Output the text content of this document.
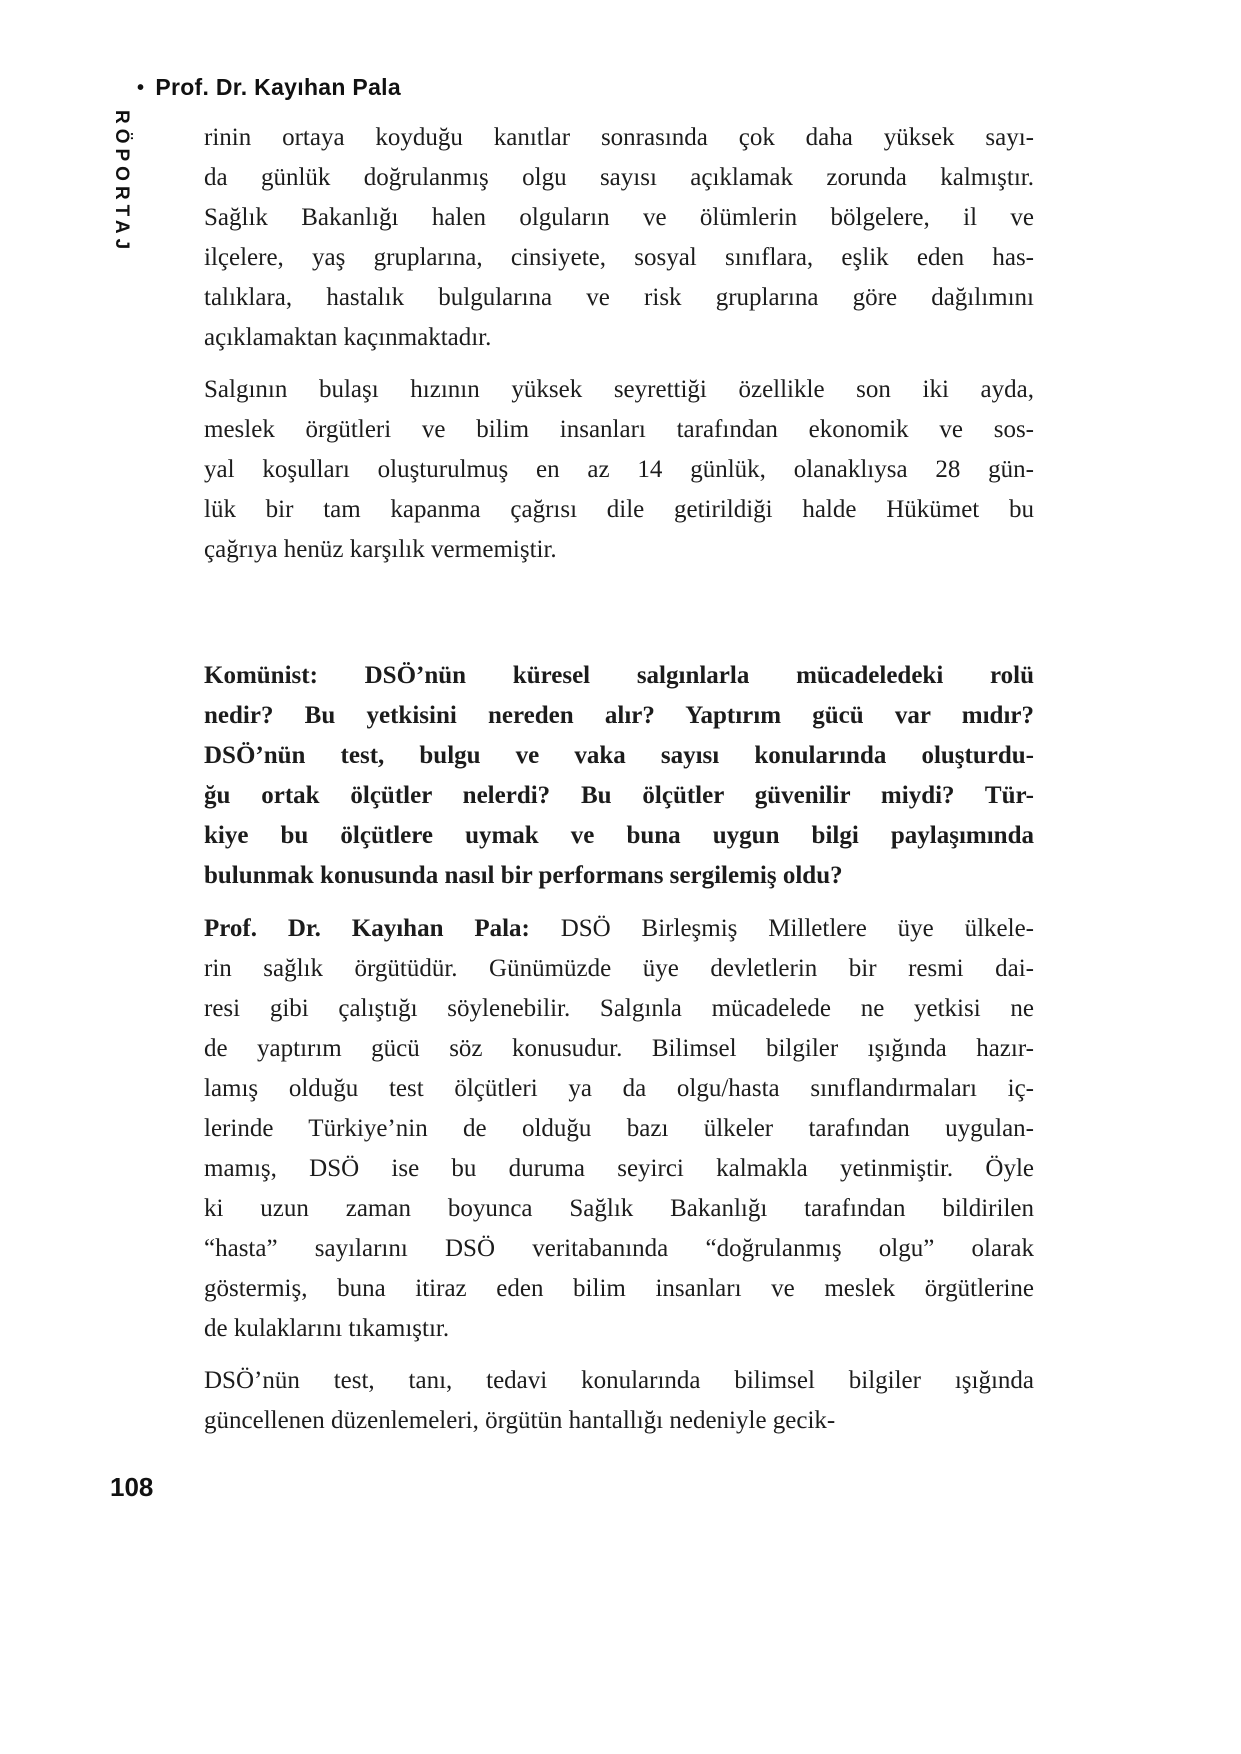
• Prof. Dr. Kayıhan Pala
RÖPORTAJ	rinin ortaya koyduğu kanıtlar sonrasında çok daha yüksek sayı-
da günlük doğrulanmış olgu sayısı açıklamak zorunda kalmıştır.
Sağlık Bakanlığı halen olguların ve ölümlerin bölgelere, il ve
ilçelere, yaş gruplarına, cinsiyete, sosyal sınıflara, eşlik eden has-
talıklara, hastalık bulgularına ve risk gruplarına göre dağılımını
açıklamaktan kaçınmaktadır.
Salgının bulaşı hızının yüksek seyrettiği özellikle son iki ayda,
meslek örgütleri ve bilim insanları tarafından ekonomik ve sos-
yal koşulları oluşturulmuş en az 14 günlük, olanaklıysa 28 gün-
lük bir tam kapanma çağrısı dile getirildiği halde Hükümet bu
çağrıya henüz karşılık vermemiştir.
Komünist: DSÖ’nün küresel salgınlarla mücadeledeki rolü
nedir? Bu yetkisini nereden alır? Yaptırım gücü var mıdır?
DSÖ’nün test, bulgu ve vaka sayısı konularında oluşturdu-
ğu ortak ölçütler nelerdi? Bu ölçütler güvenilir miydi? Tür-
kiye bu ölçütlere uymak ve buna uygun bilgi paylaşımında
bulunmak konusunda nasıl bir performans sergilemiş oldu?
Prof. Dr. Kayıhan Pala: DSÖ Birleşmiş Milletlere üye ülkele-
rin sağlık örgütüdür. Günümüzde üye devletlerin bir resmi dai-
resi gibi çalıştığı söylenebilir. Salgınla mücadelede ne yetkisi ne
de yaptırım gücü söz konusudur. Bilimsel bilgiler ışığında hazır-
lamış olduğu test ölçütleri ya da olgu/hasta sınıflandırmaları iç-
lerinde Türkiye’nin de olduğu bazı ülkeler tarafından uygulan-
mamış, DSÖ ise bu duruma seyirci kalmakla yetinmiştir. Öyle
ki uzun zaman boyunca Sağlık Bakanlığı tarafından bildirilen
“hasta” sayılarını DSÖ veritabanında “doğrulanmış olgu” olarak
göstermiş, buna itiraz eden bilim insanları ve meslek örgütlerine
de kulaklarını tıkamıştır.
DSÖ’nün test, tanı, tedavi konularında bilimsel bilgiler ışığında
güncellenen düzenlemeleri, örgütün hantallığı nedeniyle gecik-
108
